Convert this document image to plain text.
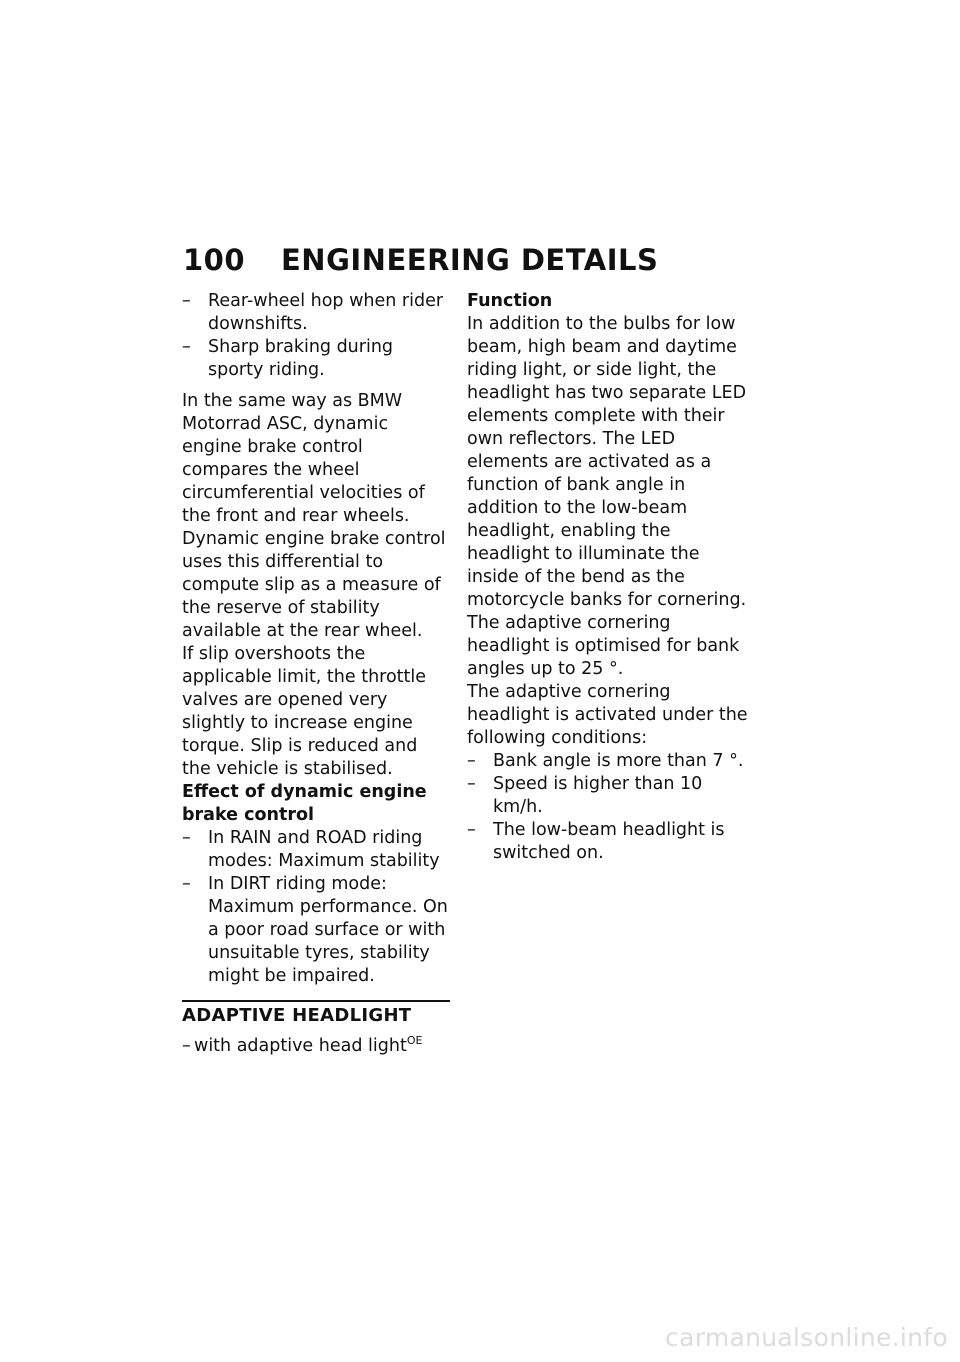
100 ENGINEERING DETAILS
– Rear-wheel hop when rider downshifts.
– Sharp braking during sporty riding.

In the same way as BMW Motorrad ASC, dynamic engine brake control compares the wheel circumferential velocities of the front and rear wheels. Dynamic engine brake control uses this differential to compute slip as a measure of the reserve of stability available at the rear wheel.

If slip overshoots the applicable limit, the throttle valves are opened very slightly to increase engine torque. Slip is reduced and the vehicle is stabilised.

Effect of dynamic engine brake control

– In RAIN and ROAD riding modes: Maximum stability
– In DIRT riding mode: Maximum performance. On a poor road surface or with unsuitable tyres, stability might be impaired.

ADAPTIVE HEADLIGHT

– with adaptive head light$^{OE}$

Function

In addition to the bulbs for low beam, high beam and daytime riding light, or side light, the headlight has two separate LED elements complete with their own reflectors. The LED elements are activated as a function of bank angle in addition to the low-beam headlight, enabling the headlight to illuminate the inside of the bend as the motorcycle banks for cornering. The adaptive cornering headlight is optimised for bank angles up to 25 °.

The adaptive cornering headlight is activated under the following conditions:

– Bank angle is more than 7 °.
– Speed is higher than 10 km/h.
– The low-beam headlight is switched on.
carmanualsonline.info
